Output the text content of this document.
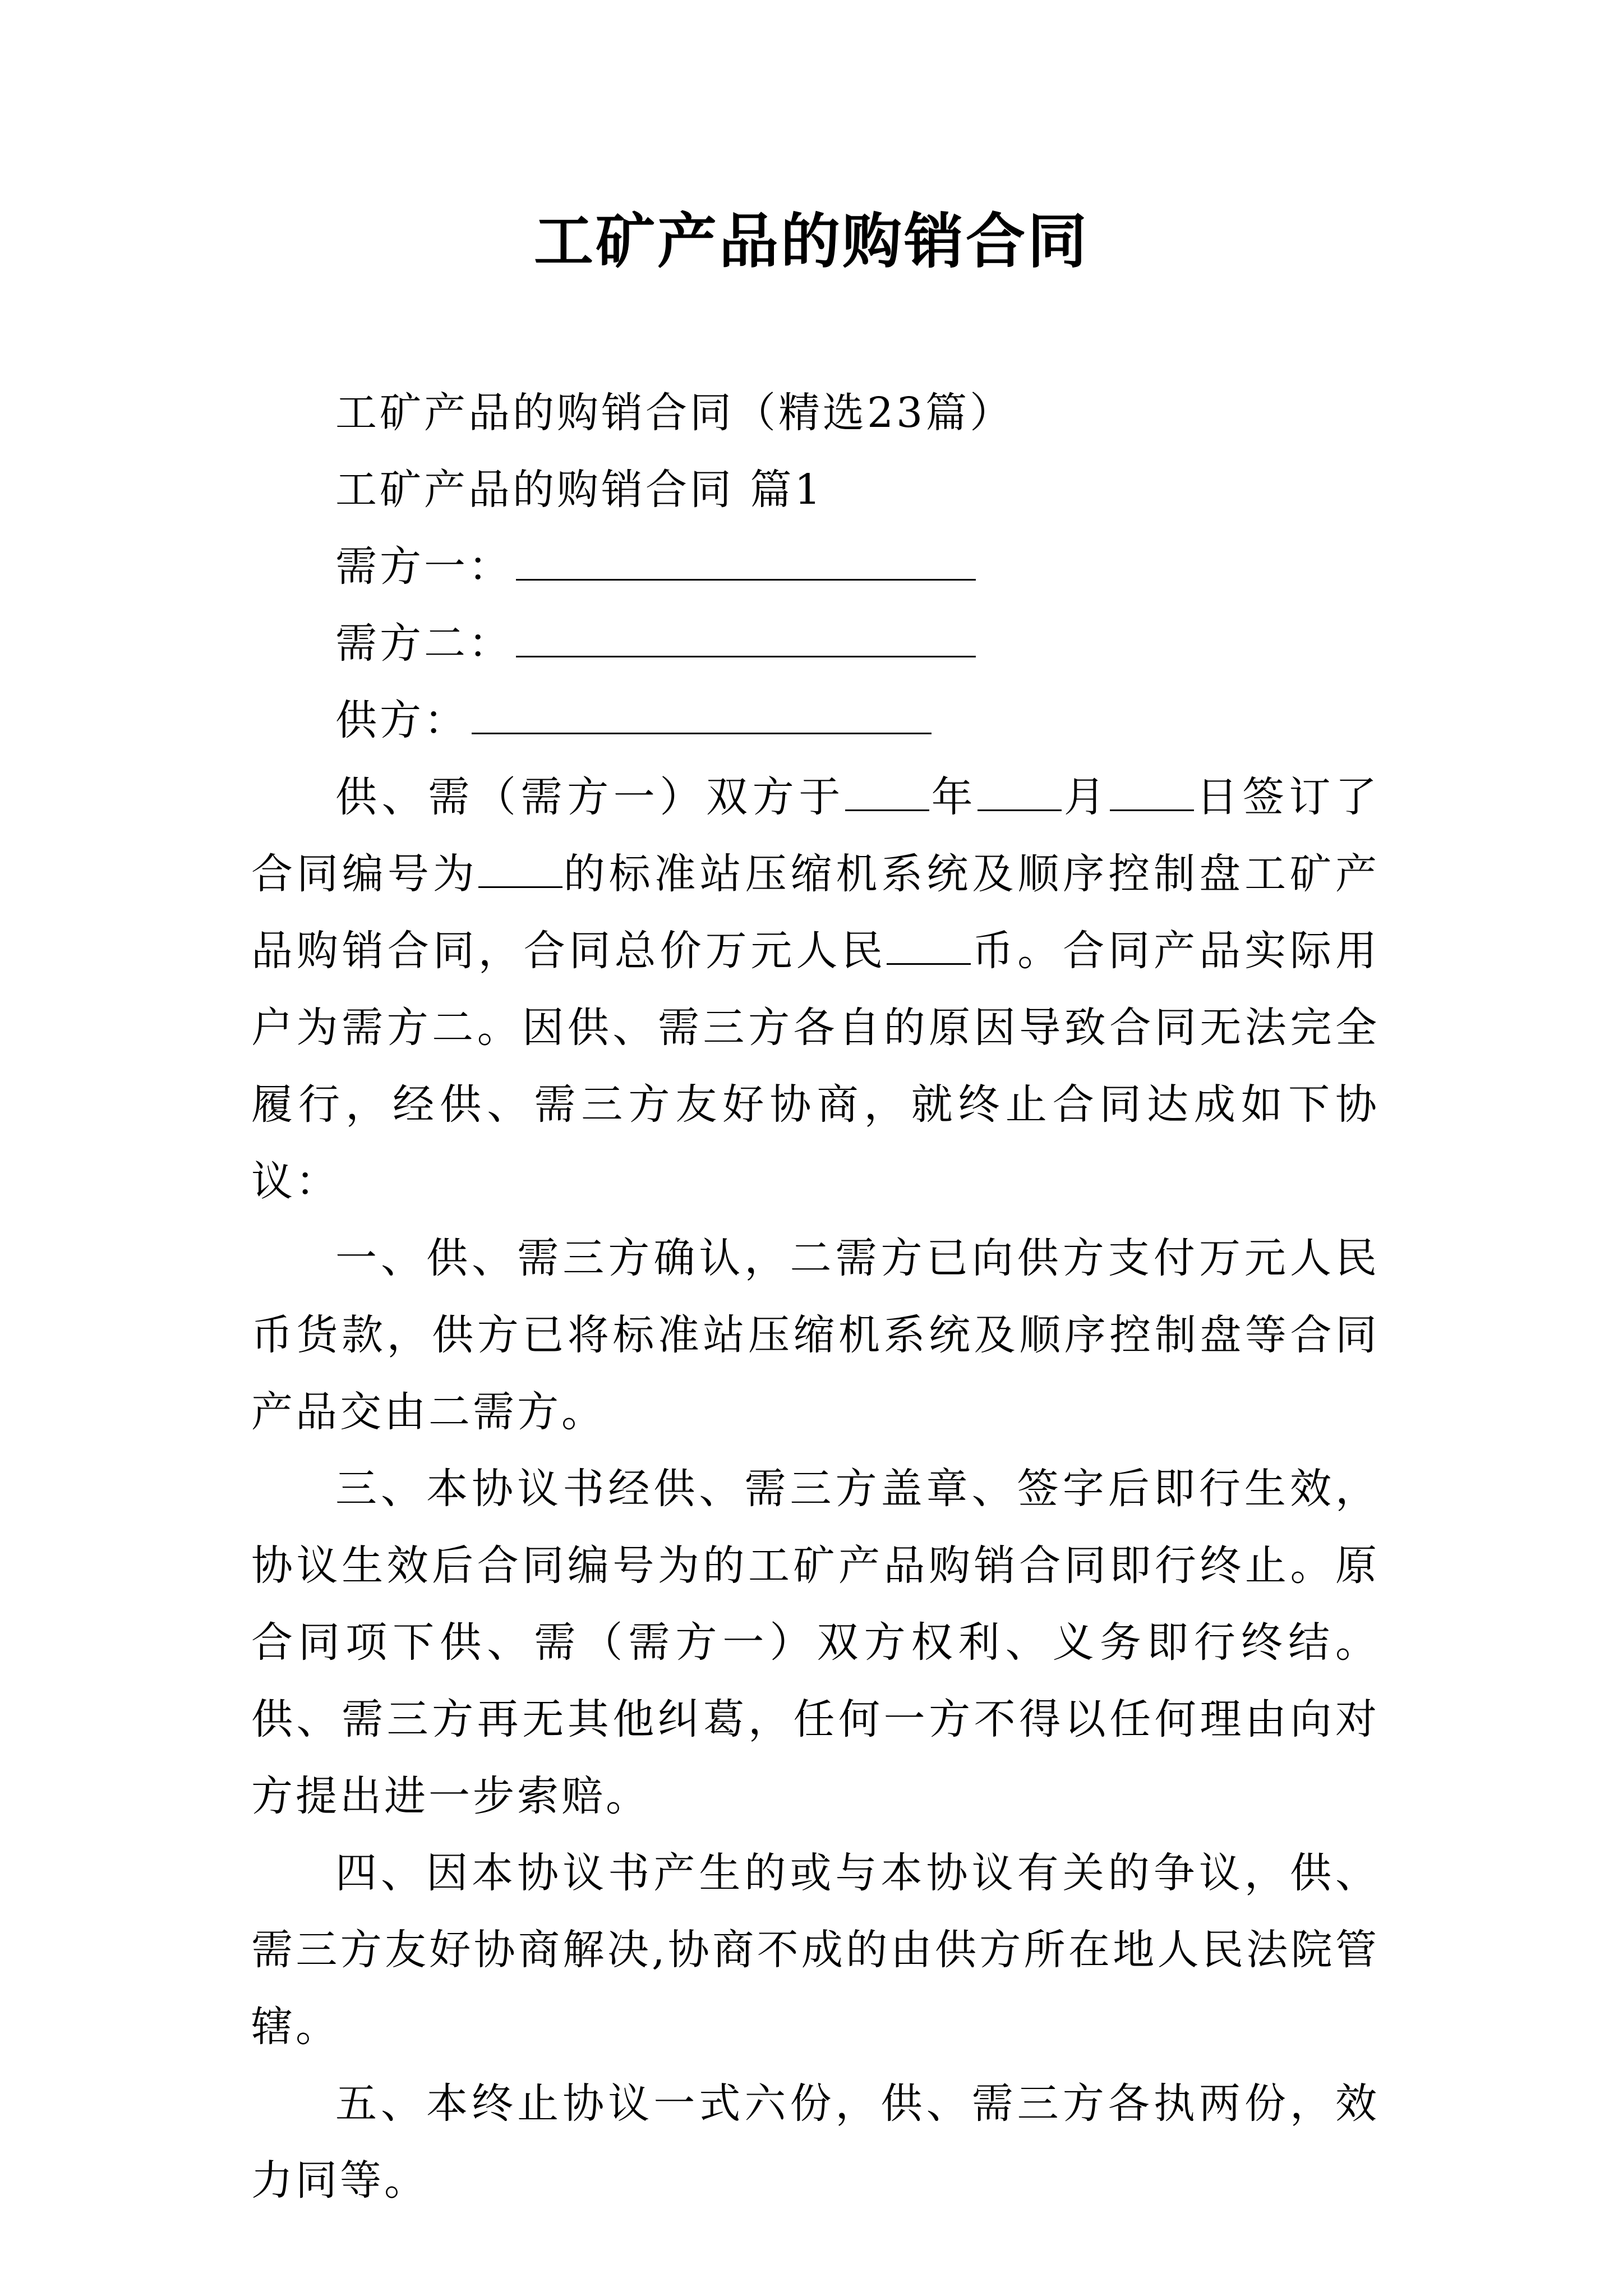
工矿产品的购销合同

工矿产品的购销合同（精选23篇）

工矿产品的购销合同 篇1

需方一：

需方二：

供方：

供、需（需方一）双方于 年 月 日签订了合同编号为 的标准站压缩机系统及顺序控制盘工矿产品购销合同，合同总价万元人民 币。合同产品实际用户为需方二。因供、需三方各自的原因导致合同无法完全履行，经供、需三方友好协商，就终止合同达成如下协议：

一、供、需三方确认，二需方已向供方支付万元人民币货款，供方已将标准站压缩机系统及顺序控制盘等合同产品交由二需方。

三、本协议书经供、需三方盖章、签字后即行生效，协议生效后合同编号为的工矿产品购销合同即行终止。原合同项下供、需（需方一）双方权利、义务即行终结。供、需三方再无其他纠葛，任何一方不得以任何理由向对方提出进一步索赔。

四、因本协议书产生的或与本协议有关的争议，供、需三方友好协商解决,协商不成的由供方所在地人民法院管辖。

五、本终止协议一式六份，供、需三方各执两份，效力同等。
